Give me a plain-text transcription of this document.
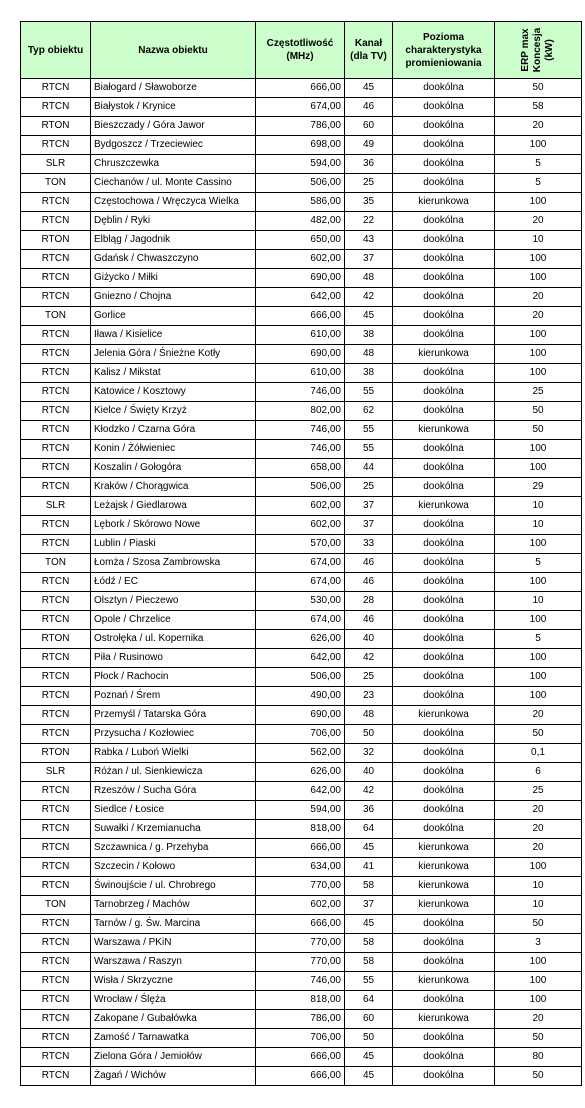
Typ obiektu	Nazwa obiektu	Częstotliwość (MHz)	Kanał (dla TV)	Pozioma charakterystyka promieniowania	ERP max
Koncesja
(kW)
RTCN	Białogard / Sławoborze	666,00	45	dookólna	50
RTCN	Białystok / Krynice	674,00	46	dookólna	58
RTON	Bieszczady / Góra Jawor	786,00	60	dookólna	20
RTCN	Bydgoszcz / Trzeciewiec	698,00	49	dookólna	100
SLR	Chruszczewka	594,00	36	dookólna	5
TON	Ciechanów / ul. Monte Cassino	506,00	25	dookólna	5
RTCN	Częstochowa / Wręczyca Wielka	586,00	35	kierunkowa	100
RTCN	Dęblin / Ryki	482,00	22	dookólna	20
RTON	Elbląg / Jagodnik	650,00	43	dookólna	10
RTCN	Gdańsk / Chwaszczyno	602,00	37	dookólna	100
RTCN	Giżycko / Miłki	690,00	48	dookólna	100
RTCN	Gniezno / Chojna	642,00	42	dookólna	20
TON	Gorlice	666,00	45	dookólna	20
RTCN	Iława / Kisielice	610,00	38	dookólna	100
RTCN	Jelenia Góra / Śnieżne Kotły	690,00	48	kierunkowa	100
RTCN	Kalisz / Mikstat	610,00	38	dookólna	100
RTCN	Katowice / Kosztowy	746,00	55	dookólna	25
RTCN	Kielce / Święty Krzyż	802,00	62	dookólna	50
RTCN	Kłodzko / Czarna Góra	746,00	55	kierunkowa	50
RTCN	Konin / Żółwieniec	746,00	55	dookólna	100
RTCN	Koszalin / Gołogóra	658,00	44	dookólna	100
RTCN	Kraków / Chorągwica	506,00	25	dookólna	29
SLR	Leżajsk / Giedlarowa	602,00	37	kierunkowa	10
RTCN	Lębork / Skórowo Nowe	602,00	37	dookólna	10
RTCN	Lublin / Piaski	570,00	33	dookólna	100
TON	Łomża / Szosa Zambrowska	674,00	46	dookólna	5
RTCN	Łódź / EC	674,00	46	dookólna	100
RTCN	Olsztyn / Pieczewo	530,00	28	dookólna	10
RTCN	Opole / Chrzelice	674,00	46	dookólna	100
RTON	Ostrołęka / ul. Kopernika	626,00	40	dookólna	5
RTCN	Piła / Rusinowo	642,00	42	dookólna	100
RTCN	Płock / Rachocin	506,00	25	dookólna	100
RTCN	Poznań / Śrem	490,00	23	dookólna	100
RTCN	Przemyśl / Tatarska Góra	690,00	48	kierunkowa	20
RTCN	Przysucha / Kozłowiec	706,00	50	dookólna	50
RTON	Rabka / Luboń Wielki	562,00	32	dookólna	0,1
SLR	Różan / ul. Sienkiewicza	626,00	40	dookólna	6
RTCN	Rzeszów / Sucha Góra	642,00	42	dookólna	25
RTCN	Siedlce / Łosice	594,00	36	dookólna	20
RTCN	Suwałki / Krzemianucha	818,00	64	dookólna	20
RTCN	Szczawnica / g. Przehyba	666,00	45	kierunkowa	20
RTCN	Szczecin / Kołowo	634,00	41	kierunkowa	100
RTCN	Świnoujście / ul. Chrobrego	770,00	58	kierunkowa	10
TON	Tarnobrzeg / Machów	602,00	37	kierunkowa	10
RTCN	Tarnów / g. Św. Marcina	666,00	45	dookólna	50
RTCN	Warszawa / PKiN	770,00	58	dookólna	3
RTCN	Warszawa / Raszyn	770,00	58	dookólna	100
RTCN	Wisła / Skrzyczne	746,00	55	kierunkowa	100
RTCN	Wrocław / Ślęża	818,00	64	dookólna	100
RTCN	Zakopane / Gubałówka	786,00	60	kierunkowa	20
RTCN	Zamość / Tarnawatka	706,00	50	dookólna	50
RTCN	Zielona Góra / Jemiołów	666,00	45	dookólna	80
RTCN	Żagań / Wichów	666,00	45	dookólna	50
